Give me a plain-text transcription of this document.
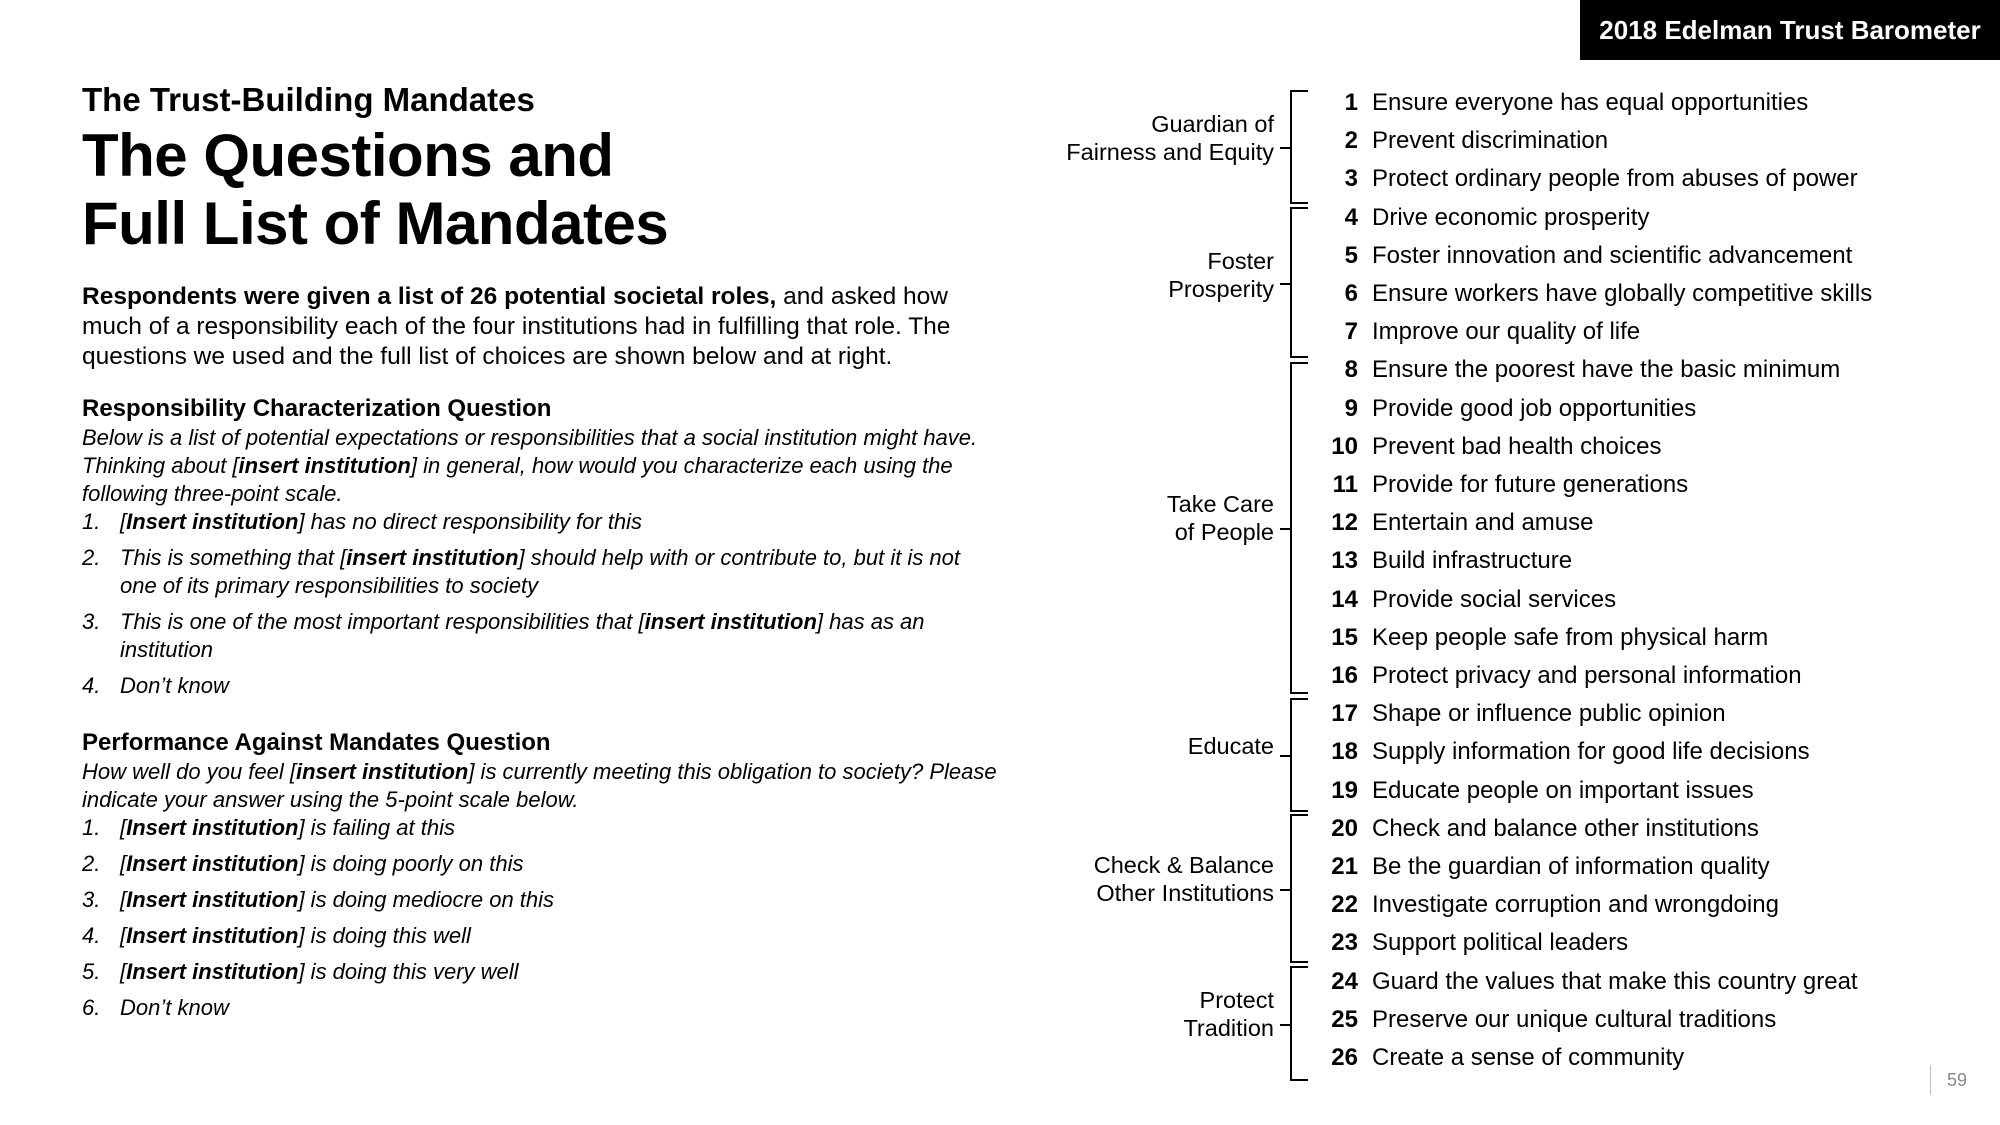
2018 Edelman Trust Barometer
The Trust-Building Mandates
The Questions and
Full List of Mandates
Respondents were given a list of 26 potential societal roles, and asked how much of a responsibility each of the four institutions had in fulfilling that role. The questions we used and the full list of choices are shown below and at right.
Responsibility Characterization Question
Below is a list of potential expectations or responsibilities that a social institution might have. Thinking about [insert institution] in general, how would you characterize each using the following three-point scale.
1. [Insert institution] has no direct responsibility for this
2. This is something that [insert institution] should help with or contribute to, but it is not one of its primary responsibilities to society
3. This is one of the most important responsibilities that [insert institution] has as an institution
4. Don’t know
Performance Against Mandates Question
How well do you feel [insert institution] is currently meeting this obligation to society? Please indicate your answer using the 5-point scale below.
1. [Insert institution] is failing at this
2. [Insert institution] is doing poorly on this
3. [Insert institution] is doing mediocre on this
4. [Insert institution] is doing this well
5. [Insert institution] is doing this very well
6. Don’t know
Guardian of
Fairness and Equity
Foster
Prosperity
Take Care
of People
Educate
Check & Balance
Other Institutions
Protect
Tradition
1 Ensure everyone has equal opportunities
2 Prevent discrimination
3 Protect ordinary people from abuses of power
4 Drive economic prosperity
5 Foster innovation and scientific advancement
6 Ensure workers have globally competitive skills
7 Improve our quality of life
8 Ensure the poorest have the basic minimum
9 Provide good job opportunities
10 Prevent bad health choices
11 Provide for future generations
12 Entertain and amuse
13 Build infrastructure
14 Provide social services
15 Keep people safe from physical harm
16 Protect privacy and personal information
17 Shape or influence public opinion
18 Supply information for good life decisions
19 Educate people on important issues
20 Check and balance other institutions
21 Be the guardian of information quality
22 Investigate corruption and wrongdoing
23 Support political leaders
24 Guard the values that make this country great
25 Preserve our unique cultural traditions
26 Create a sense of community
59
